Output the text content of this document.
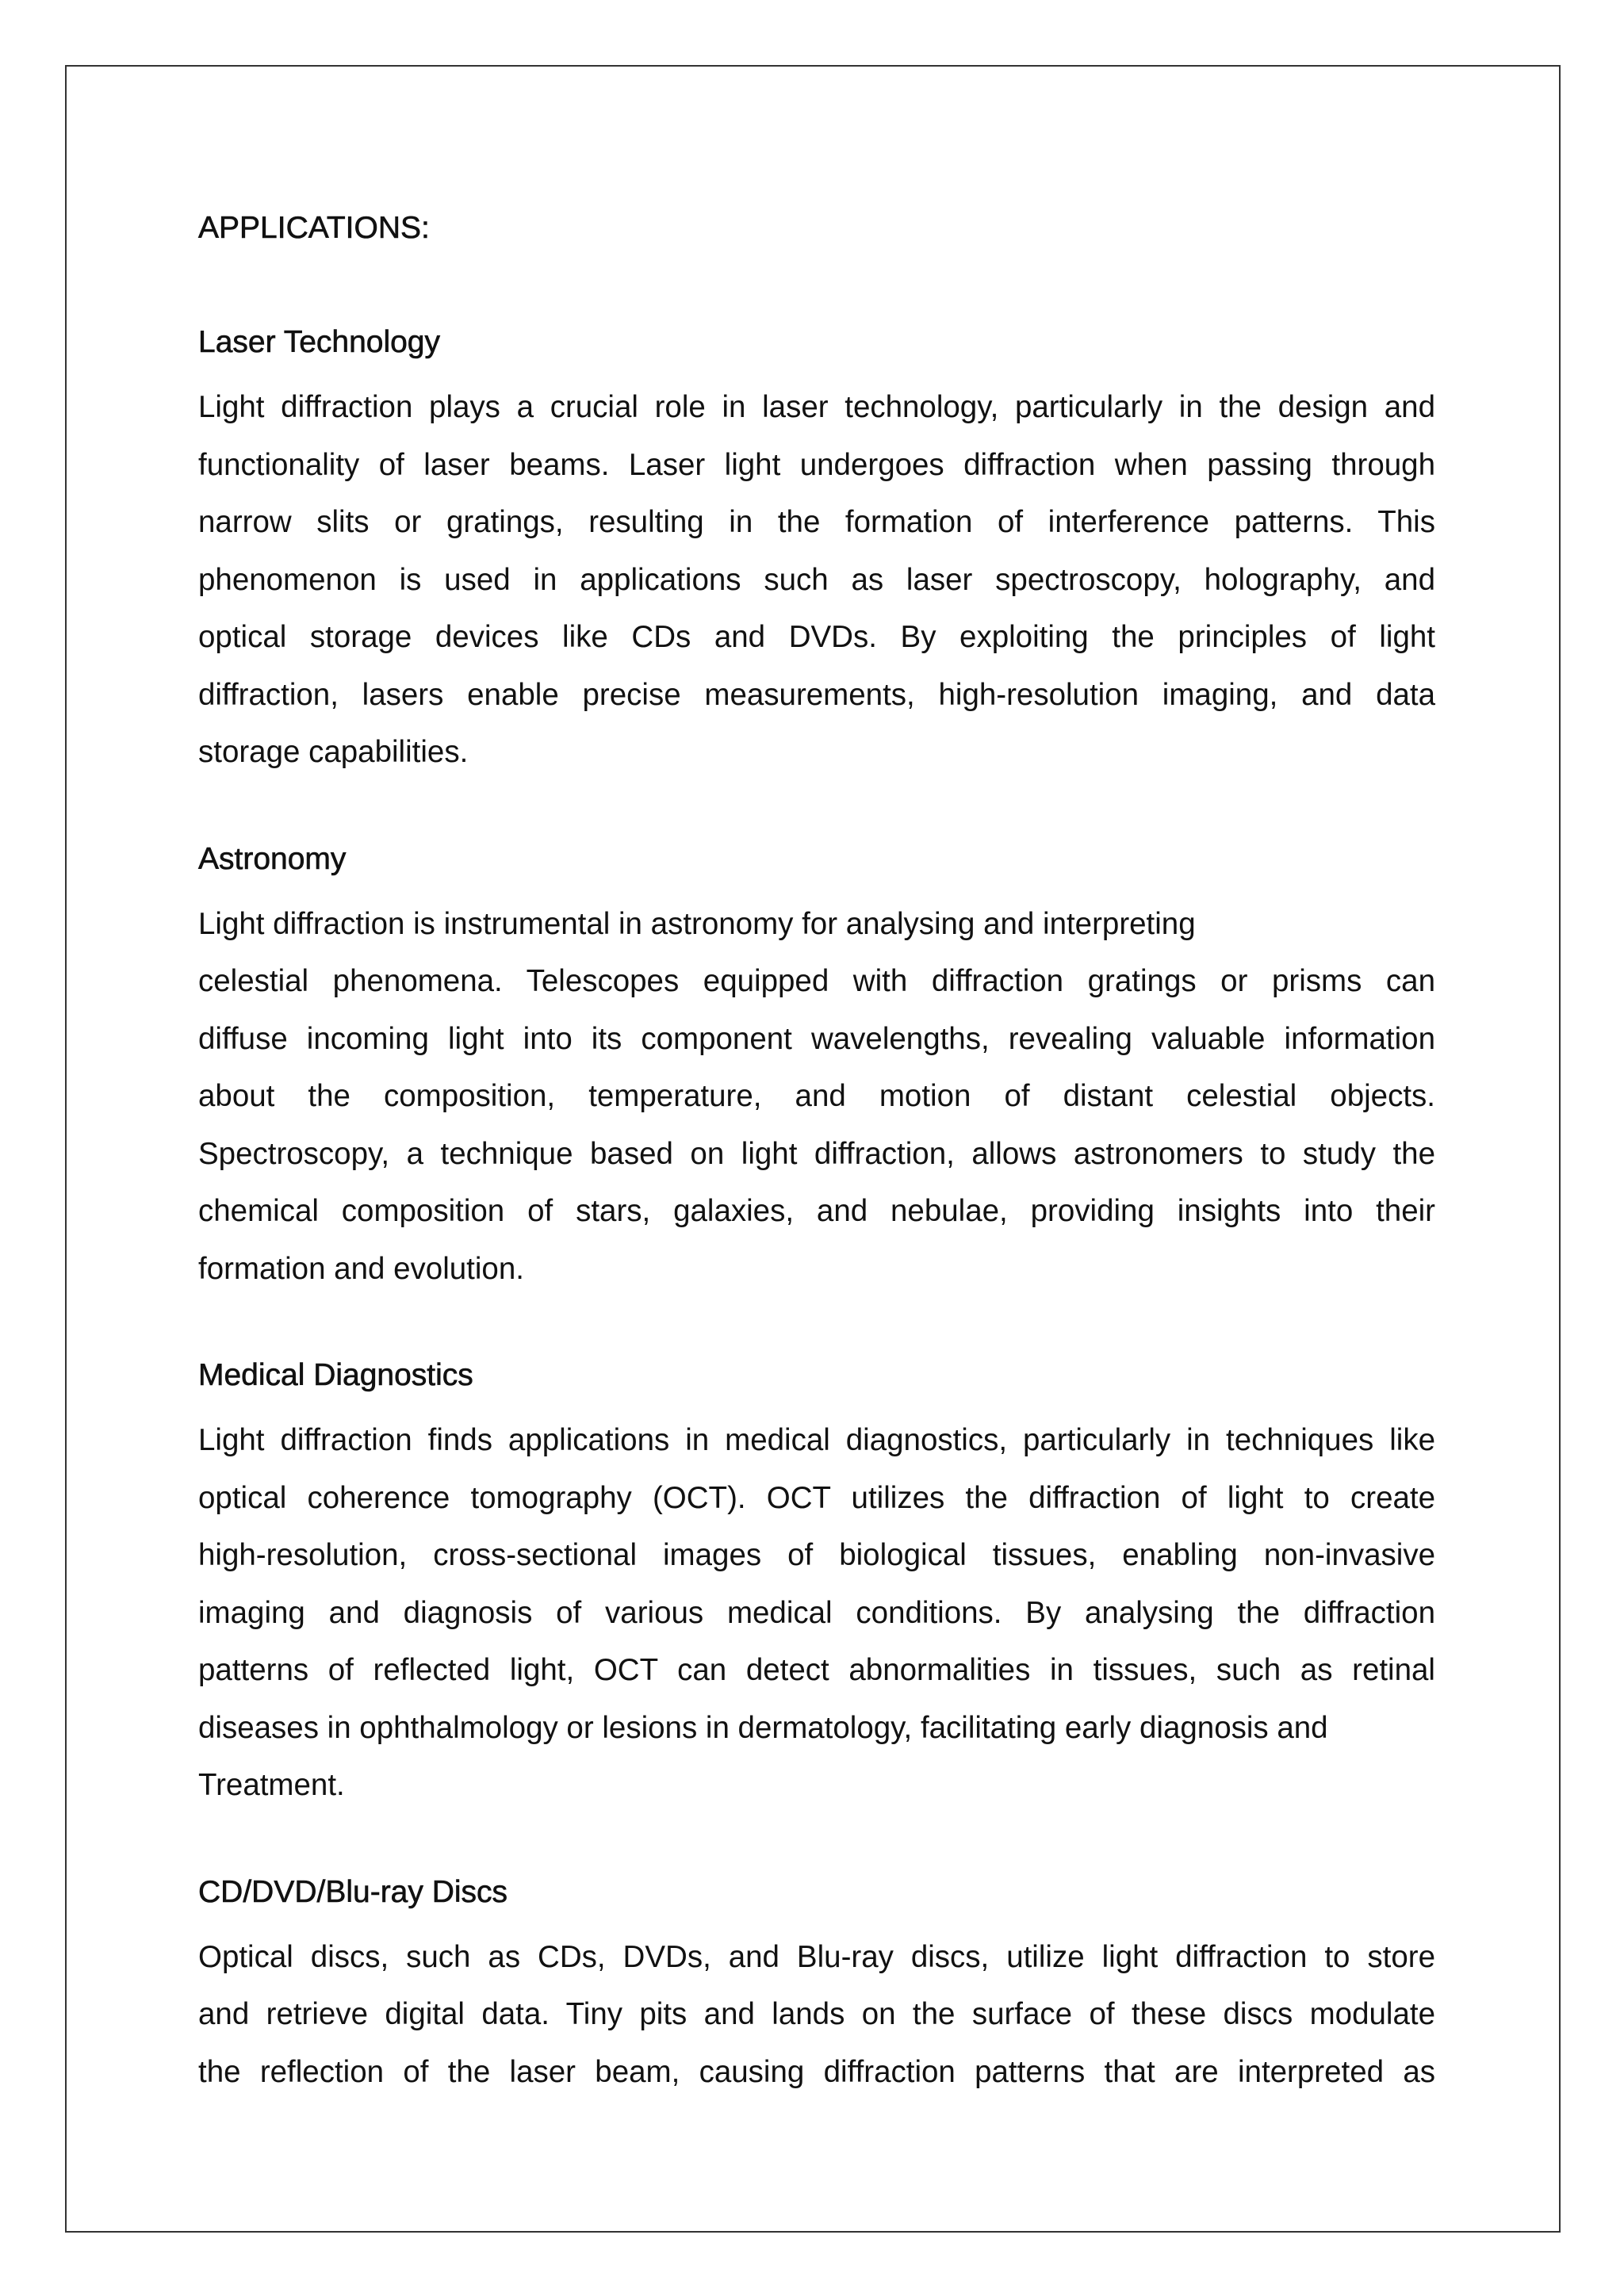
APPLICATIONS:
Laser Technology
Light diffraction plays a crucial role in laser technology, particularly in the design and
functionality of laser beams. Laser light undergoes diffraction when passing through
narrow slits or gratings, resulting in the formation of interference patterns. This
phenomenon is used in applications such as laser spectroscopy, holography, and
optical storage devices like CDs and DVDs. By exploiting the principles of light
diffraction, lasers enable precise measurements, high-resolution imaging, and data
storage capabilities.
Astronomy
Light diffraction is instrumental in astronomy for analysing and interpreting
celestial phenomena. Telescopes equipped with diffraction gratings or prisms can
diffuse incoming light into its component wavelengths, revealing valuable information
about the composition, temperature, and motion of distant celestial objects.
Spectroscopy, a technique based on light diffraction, allows astronomers to study the
chemical composition of stars, galaxies, and nebulae, providing insights into their
formation and evolution.
Medical Diagnostics
Light diffraction finds applications in medical diagnostics, particularly in techniques like
optical coherence tomography (OCT). OCT utilizes the diffraction of light to create
high-resolution, cross-sectional images of biological tissues, enabling non-invasive
imaging and diagnosis of various medical conditions. By analysing the diffraction
patterns of reflected light, OCT can detect abnormalities in tissues, such as retinal
diseases in ophthalmology or lesions in dermatology, facilitating early diagnosis and
Treatment.
CD/DVD/Blu-ray Discs
Optical discs, such as CDs, DVDs, and Blu-ray discs, utilize light diffraction to store
and retrieve digital data. Tiny pits and lands on the surface of these discs modulate
the reflection of the laser beam, causing diffraction patterns that are interpreted as
